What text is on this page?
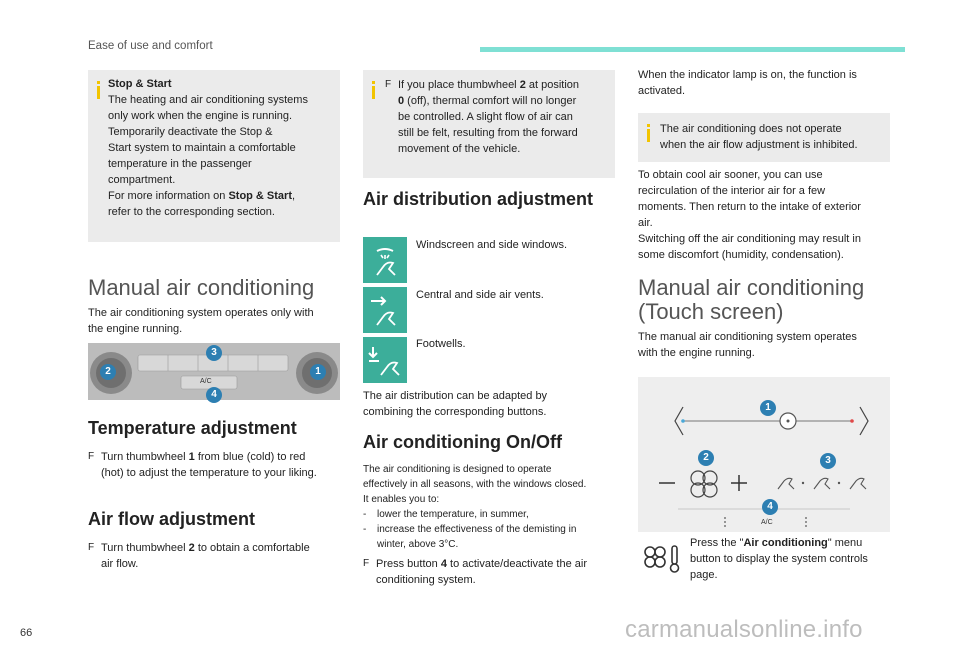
Ease of use and comfort
Stop & Start
The heating and air conditioning systems
only work when the engine is running.
Temporarily deactivate the Stop &
Start system to maintain a comfortable
temperature in the passenger
compartment.
For more information on Stop & Start,
refer to the corresponding section.
Manual air conditioning
The air conditioning system operates only with
the engine running.
A/C
1
2
3
4
Temperature adjustment
F Turn thumbwheel 1 from blue (cold) to red
(hot) to adjust the temperature to your liking.
Air flow adjustment
F Turn thumbwheel 2 to obtain a comfortable
air flow.
F If you place thumbwheel 2 at position
0 (off), thermal comfort will no longer
be controlled. A slight flow of air can
still be felt, resulting from the forward
movement of the vehicle.
Air distribution adjustment
Windscreen and side windows.
Central and side air vents.
Footwells.
The air distribution can be adapted by
combining the corresponding buttons.
Air conditioning On/Off
The air conditioning is designed to operate
effectively in all seasons, with the windows closed.
It enables you to:
-	lower the temperature, in summer,
-	increase the effectiveness of the demisting in
winter, above 3°C.
F Press button 4 to activate/deactivate the air
conditioning system.
When the indicator lamp is on, the function is
activated.
The air conditioning does not operate
when the air flow adjustment is inhibited.
To obtain cool air sooner, you can use
recirculation of the interior air for a few
moments. Then return to the intake of exterior
air.
Switching off the air conditioning may result in
some discomfort (humidity, condensation).
Manual air conditioning
(Touch screen)
The manual air conditioning system operates
with the engine running.
A/C
1
2	3
4
Press the "Air conditioning" menu
button to display the system controls
page.
66	carmanualsonline.info
